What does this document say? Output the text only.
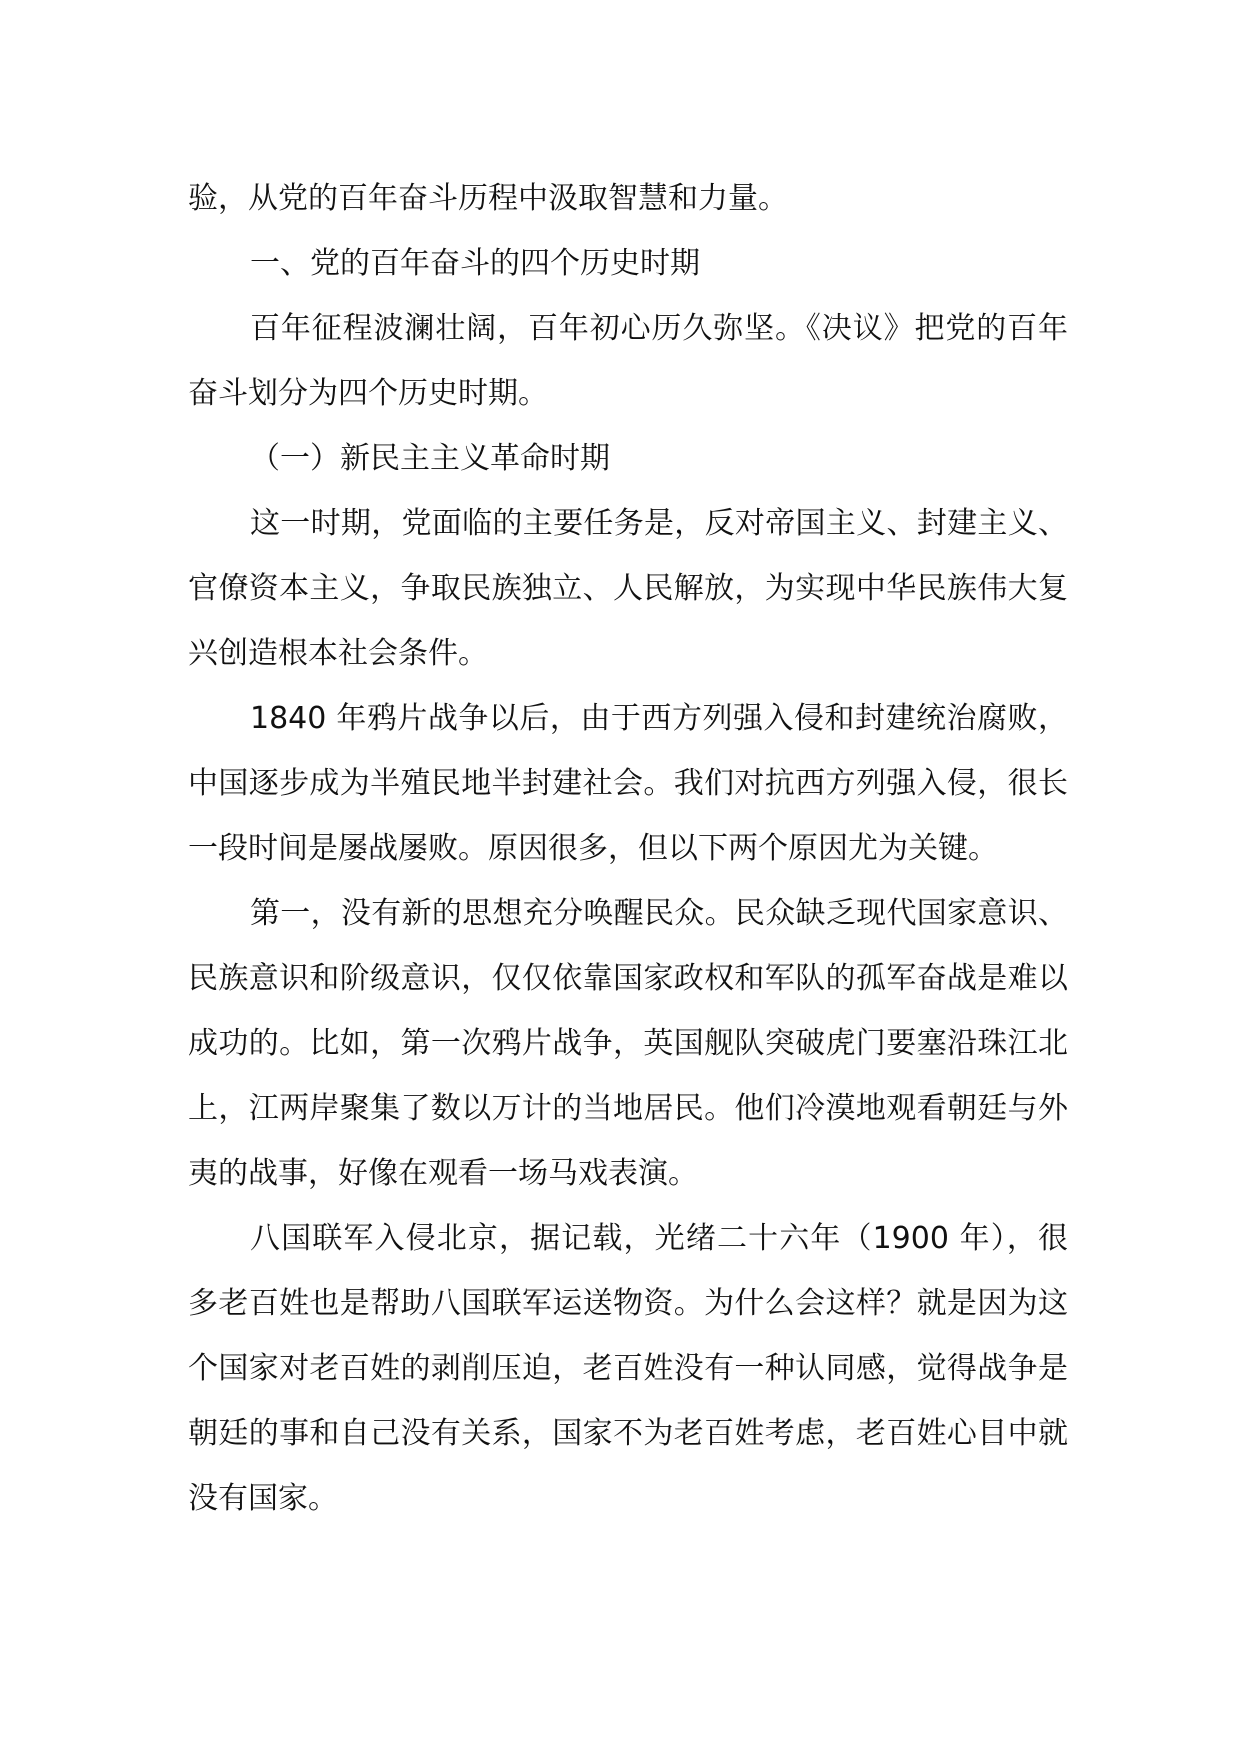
验，从党的百年奋斗历程中汲取智慧和力量。

一、党的百年奋斗的四个历史时期

百年征程波澜壮阔，百年初心历久弥坚。《决议》把党的百年奋斗划分为四个历史时期。

（一）新民主主义革命时期

这一时期，党面临的主要任务是，反对帝国主义、封建主义、官僚资本主义，争取民族独立、人民解放，为实现中华民族伟大复兴创造根本社会条件。

1840 年鸦片战争以后，由于西方列强入侵和封建统治腐败，中国逐步成为半殖民地半封建社会。我们对抗西方列强入侵，很长一段时间是屡战屡败。原因很多，但以下两个原因尤为关键。

第一，没有新的思想充分唤醒民众。民众缺乏现代国家意识、民族意识和阶级意识，仅仅依靠国家政权和军队的孤军奋战是难以成功的。比如，第一次鸦片战争，英国舰队突破虎门要塞沿珠江北上，江两岸聚集了数以万计的当地居民。他们冷漠地观看朝廷与外夷的战事，好像在观看一场马戏表演。

八国联军入侵北京，据记载，光绪二十六年（1900 年），很多老百姓也是帮助八国联军运送物资。为什么会这样？就是因为这个国家对老百姓的剥削压迫，老百姓没有一种认同感，觉得战争是朝廷的事和自己没有关系，国家不为老百姓考虑，老百姓心目中就没有国家。
